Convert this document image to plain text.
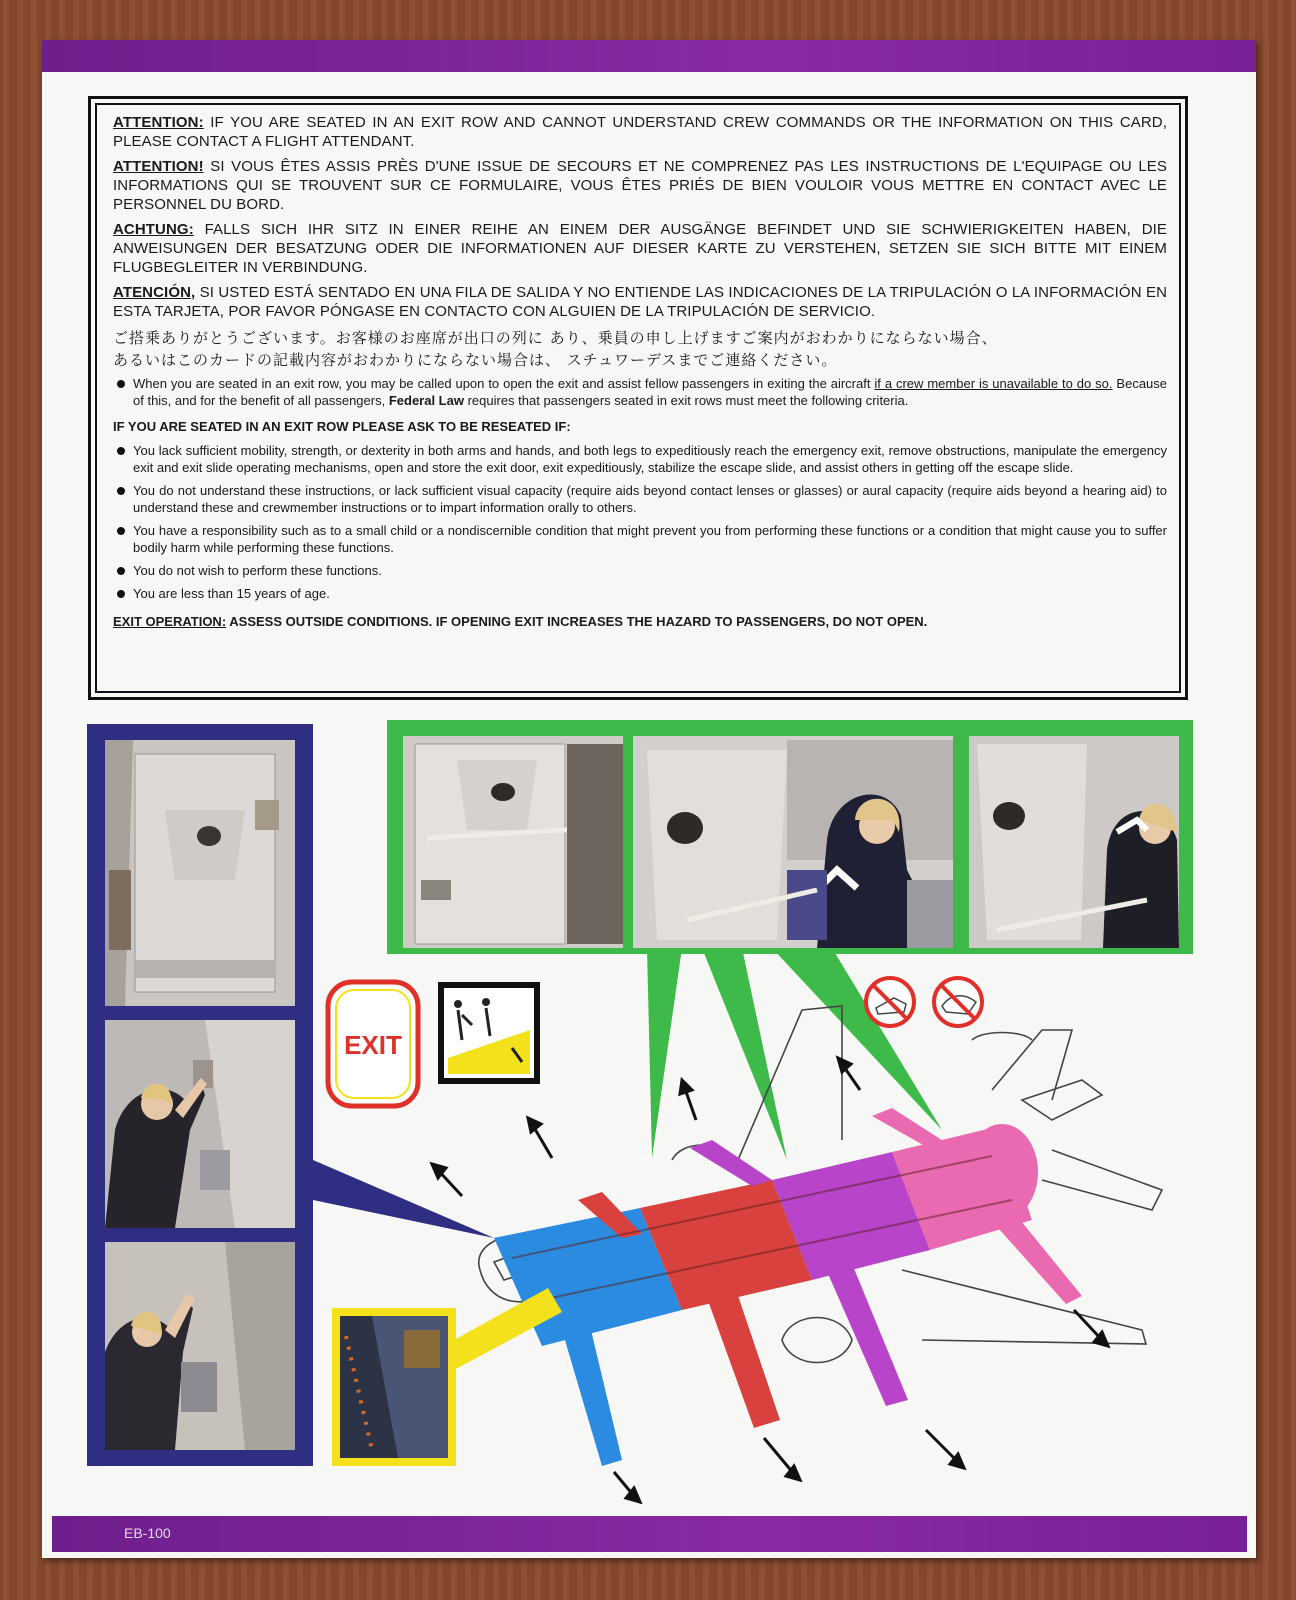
ATTENTION: IF YOU ARE SEATED IN AN EXIT ROW AND CANNOT UNDERSTAND CREW COMMANDS OR THE INFORMATION ON THIS CARD, PLEASE CONTACT A FLIGHT ATTENDANT.

ATTENTION! SI VOUS ÊTES ASSIS PRÈS D'UNE ISSUE DE SECOURS ET NE COMPRENEZ PAS LES INSTRUCTIONS DE L'EQUIPAGE OU LES INFORMATIONS QUI SE TROUVENT SUR CE FORMULAIRE, VOUS ÊTES PRIÉS DE BIEN VOULOIR VOUS METTRE EN CONTACT AVEC LE PERSONNEL DU BORD.

ACHTUNG: FALLS SICH IHR SITZ IN EINER REIHE AN EINEM DER AUSGÄNGE BEFINDET UND SIE SCHWIERIGKEITEN HABEN, DIE ANWEISUNGEN DER BESATZUNG ODER DIE INFORMATIONEN AUF DIESER KARTE ZU VERSTEHEN, SETZEN SIE SICH BITTE MIT EINEM FLUGBEGLEITER IN VERBINDUNG.

ATENCIÓN, SI USTED ESTÁ SENTADO EN UNA FILA DE SALIDA Y NO ENTIENDE LAS INDICACIONES DE LA TRIPULACIÓN O LA INFORMACIÓN EN ESTA TARJETA, POR FAVOR PÓNGASE EN CONTACTO CON ALGUIEN DE LA TRIPULACIÓN DE SERVICIO.

ご搭乗ありがとうございます。お客様のお座席が出口の列に あり、乗員の申し上げますご案内がおわかりにならない場合、

あるいはこのカードの記載内容がおわかりにならない場合は、 スチュワーデスまでご連絡ください。

When you are seated in an exit row, you may be called upon to open the exit and assist fellow passengers in exiting the aircraft if a crew member is unavailable to do so. Because of this, and for the benefit of all passengers, Federal Law requires that passengers seated in exit rows must meet the following criteria.

IF YOU ARE SEATED IN AN EXIT ROW PLEASE ASK TO BE RESEATED IF:

You lack sufficient mobility, strength, or dexterity in both arms and hands, and both legs to expeditiously reach the emergency exit, remove obstructions, manipulate the emergency exit and exit slide operating mechanisms, open and store the exit door, exit expeditiously, stabilize the escape slide, and assist others in getting off the escape slide.

You do not understand these instructions, or lack sufficient visual capacity (require aids beyond contact lenses or glasses) or aural capacity (require aids beyond a hearing aid) to understand these and crewmember instructions or to impart information orally to others.

You have a responsibility such as to a small child or a nondiscernible condition that might prevent you from performing these functions or a condition that might cause you to suffer bodily harm while performing these functions.

You do not wish to perform these functions.

You are less than 15 years of age.

EXIT OPERATION: ASSESS OUTSIDE CONDITIONS. IF OPENING EXIT INCREASES THE HAZARD TO PASSENGERS, DO NOT OPEN.

EXIT
EB-100
